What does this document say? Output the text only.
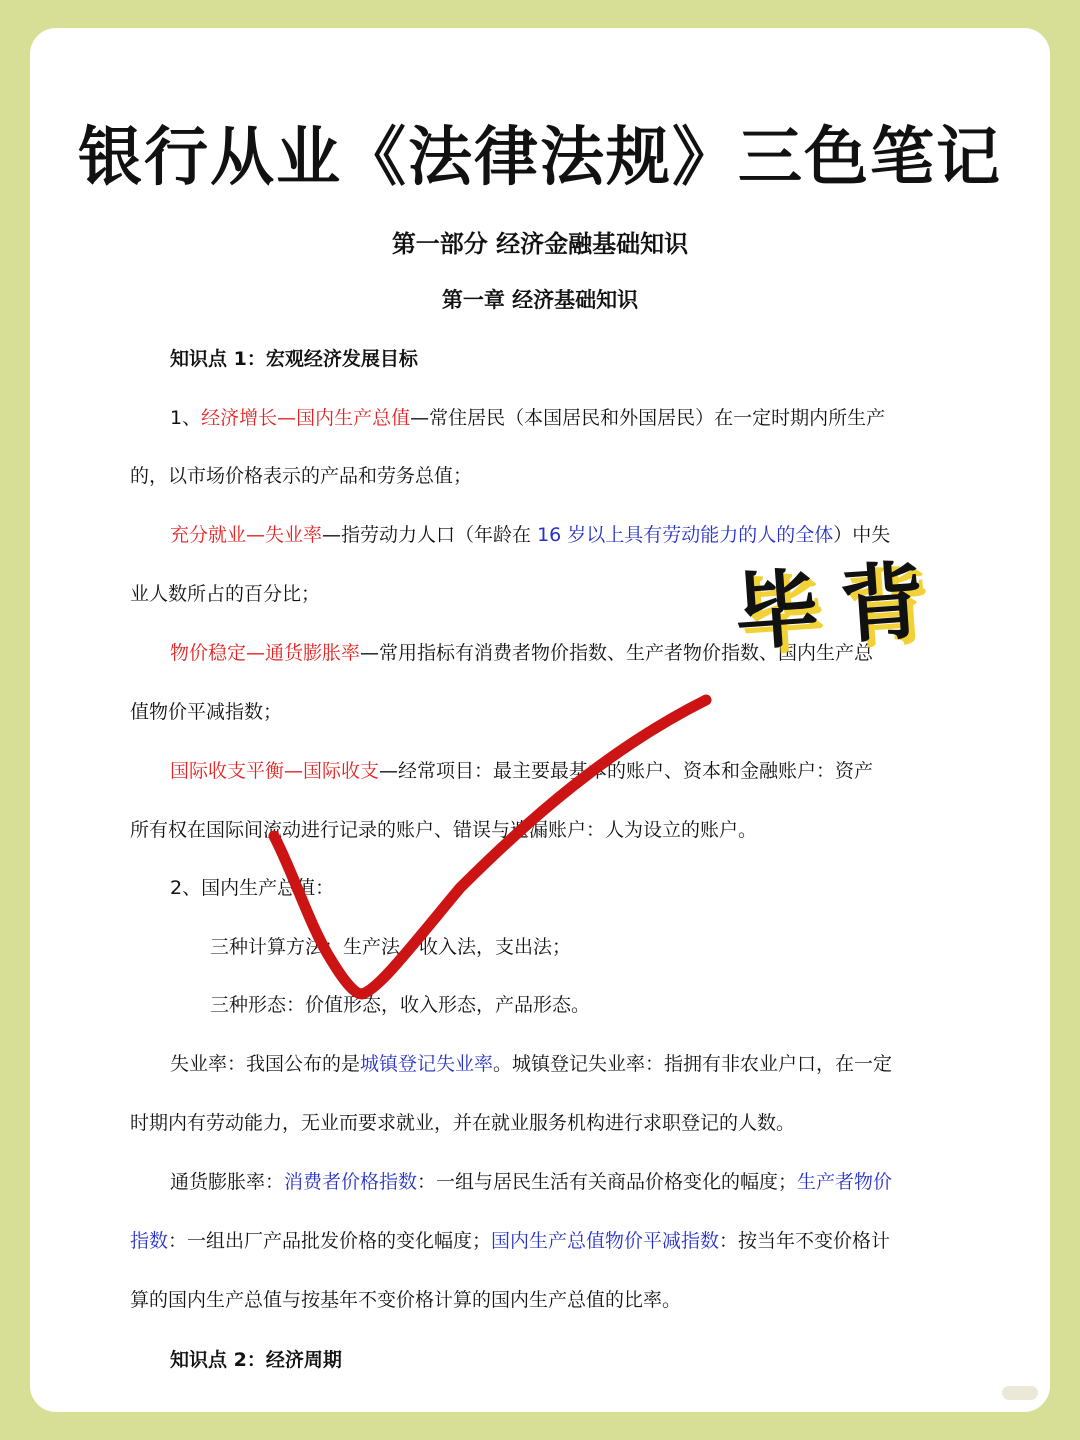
银行从业《法律法规》三色笔记
第一部分 经济金融基础知识
第一章 经济基础知识
知识点 1：宏观经济发展目标
1、经济增长—国内生产总值—常住居民（本国居民和外国居民）在一定时期内所生产
的，以市场价格表示的产品和劳务总值；
充分就业—失业率—指劳动力人口（年龄在 16 岁以上具有劳动能力的人的全体）中失
业人数所占的百分比；
物价稳定—通货膨胀率—常用指标有消费者物价指数、生产者物价指数、国内生产总
值物价平减指数；
国际收支平衡—国际收支—经常项目：最主要最基本的账户、资本和金融账户：资产
所有权在国际间流动进行记录的账户、错误与遗漏账户：人为设立的账户。
2、国内生产总值：
三种计算方法：生产法，收入法，支出法；
三种形态：价值形态，收入形态，产品形态。
失业率：我国公布的是城镇登记失业率。城镇登记失业率：指拥有非农业户口，在一定
时期内有劳动能力，无业而要求就业，并在就业服务机构进行求职登记的人数。
通货膨胀率：消费者价格指数：一组与居民生活有关商品价格变化的幅度；生产者物价
指数：一组出厂产品批发价格的变化幅度；国内生产总值物价平减指数：按当年不变价格计
算的国内生产总值与按基年不变价格计算的国内生产总值的比率。
知识点 2：经济周期
毕背
